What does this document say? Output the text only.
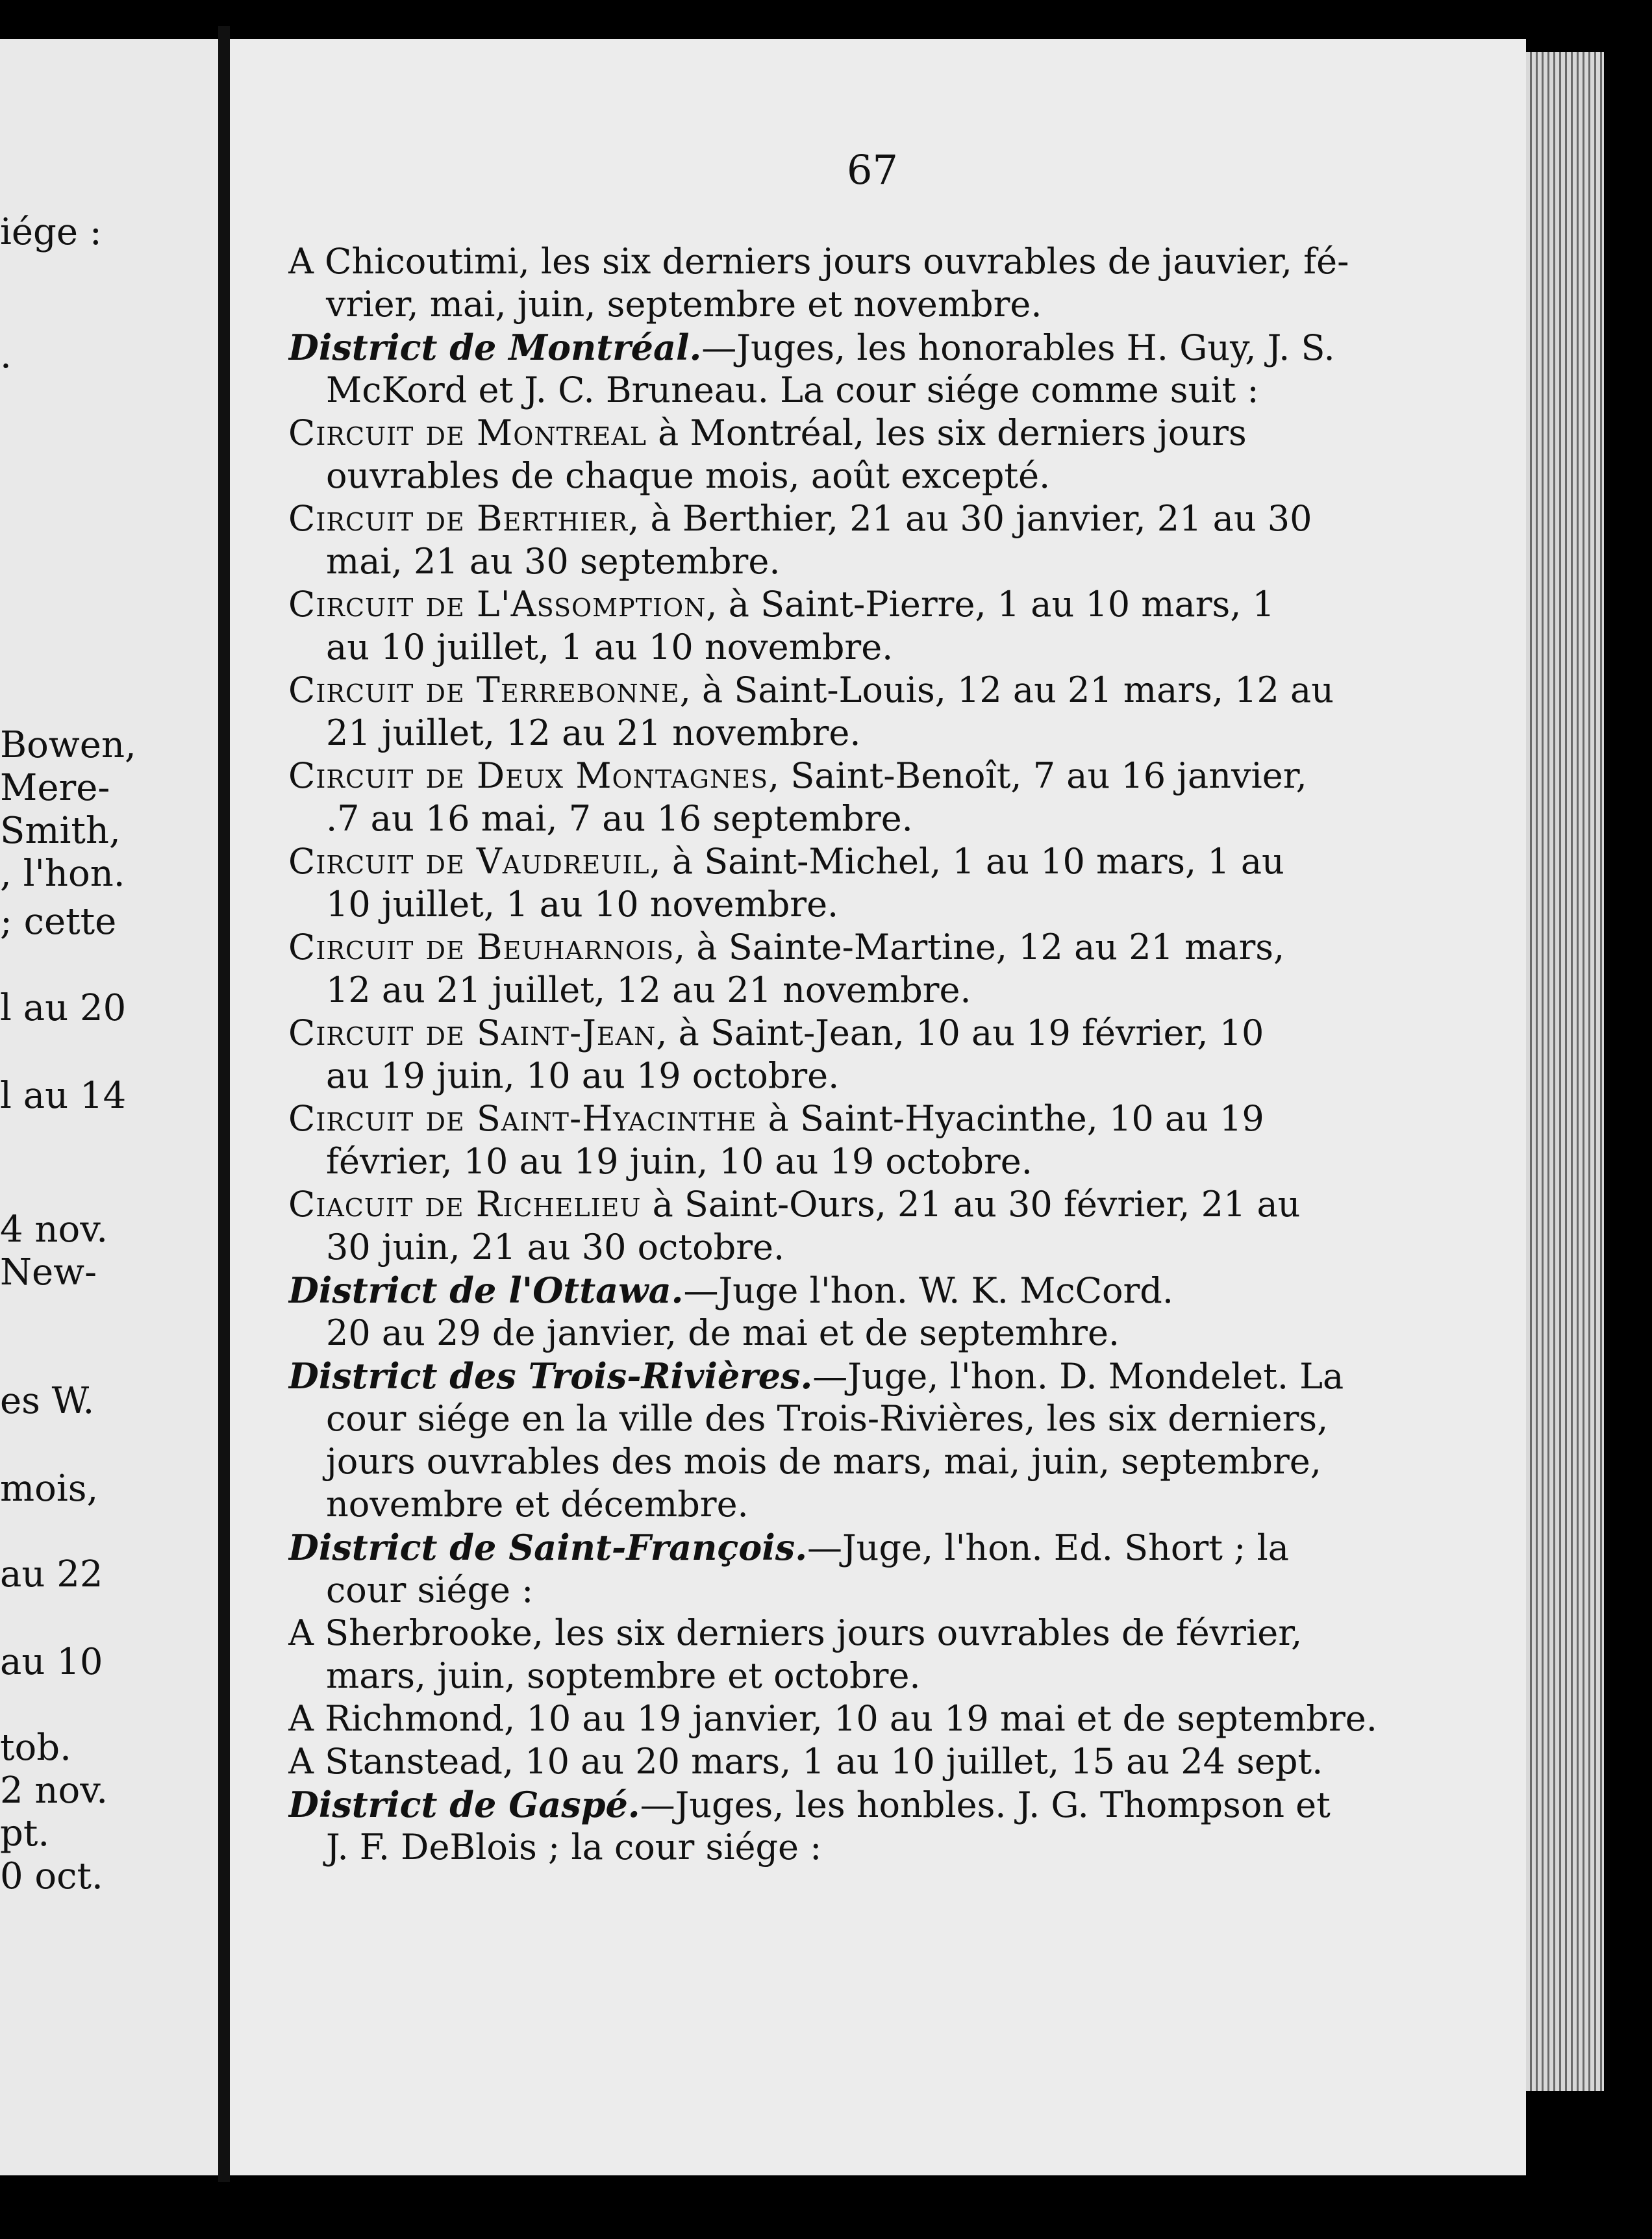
iége :
.
Bowen,
Mere-
Smith,
, l'hon.
; cette
l au 20
l au 14
4 nov.
New-
es W.
mois,
au 22
au 10
tob.
2 nov.
pt.
0 oct.
67
A Chicoutimi, les six derniers jours ouvrables de jauvier, fé-
vrier, mai, juin, septembre et novembre.
District de Montréal.—Juges, les honorables H. Guy, J. S.
McKord et J. C. Bruneau. La cour siége comme suit :
Circuit de Montreal à Montréal, les six derniers jours
ouvrables de chaque mois, août excepté.
Circuit de Berthier, à Berthier, 21 au 30 janvier, 21 au 30
mai, 21 au 30 septembre.
Circuit de L'Assomption, à Saint-Pierre, 1 au 10 mars, 1
au 10 juillet, 1 au 10 novembre.
Circuit de Terrebonne, à Saint-Louis, 12 au 21 mars, 12 au
21 juillet, 12 au 21 novembre.
Circuit de Deux Montagnes, Saint-Benoît, 7 au 16 janvier,
.7 au 16 mai, 7 au 16 septembre.
Circuit de Vaudreuil, à Saint-Michel, 1 au 10 mars, 1 au
10 juillet, 1 au 10 novembre.
Circuit de Beuharnois, à Sainte-Martine, 12 au 21 mars,
12 au 21 juillet, 12 au 21 novembre.
Circuit de Saint-Jean, à Saint-Jean, 10 au 19 février, 10
au 19 juin, 10 au 19 octobre.
Circuit de Saint-Hyacinthe à Saint-Hyacinthe, 10 au 19
février, 10 au 19 juin, 10 au 19 octobre.
Ciacuit de Richelieu à Saint-Ours, 21 au 30 février, 21 au
30 juin, 21 au 30 octobre.
District de l'Ottawa.—Juge l'hon. W. K. McCord.
20 au 29 de janvier, de mai et de septemhre.
District des Trois-Rivières.—Juge, l'hon. D. Mondelet. La
cour siége en la ville des Trois-Rivières, les six derniers,
jours ouvrables des mois de mars, mai, juin, septembre,
novembre et décembre.
District de Saint-François.—Juge, l'hon. Ed. Short ; la
cour siége :
A Sherbrooke, les six derniers jours ouvrables de février,
mars, juin, soptembre et octobre.
A Richmond, 10 au 19 janvier, 10 au 19 mai et de septembre.
A Stanstead, 10 au 20 mars, 1 au 10 juillet, 15 au 24 sept.
District de Gaspé.—Juges, les honbles. J. G. Thompson et
J. F. DeBlois ; la cour siége :
